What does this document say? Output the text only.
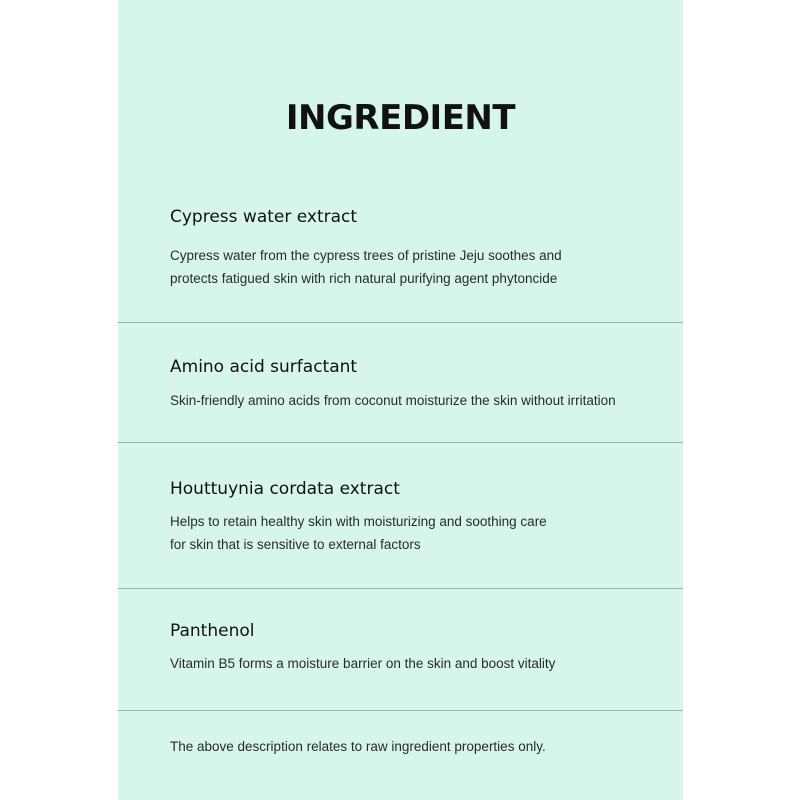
INGREDIENT
Cypress water extract

Cypress water from the cypress trees of pristine Jeju soothes and
protects fatigued skin with rich natural purifying agent phytoncide

Amino acid surfactant

Skin-friendly amino acids from coconut moisturize the skin without irritation

Houttuynia cordata extract

Helps to retain healthy skin with moisturizing and soothing care
for skin that is sensitive to external factors

Panthenol

Vitamin B5 forms a moisture barrier on the skin and boost vitality

The above description relates to raw ingredient properties only.
